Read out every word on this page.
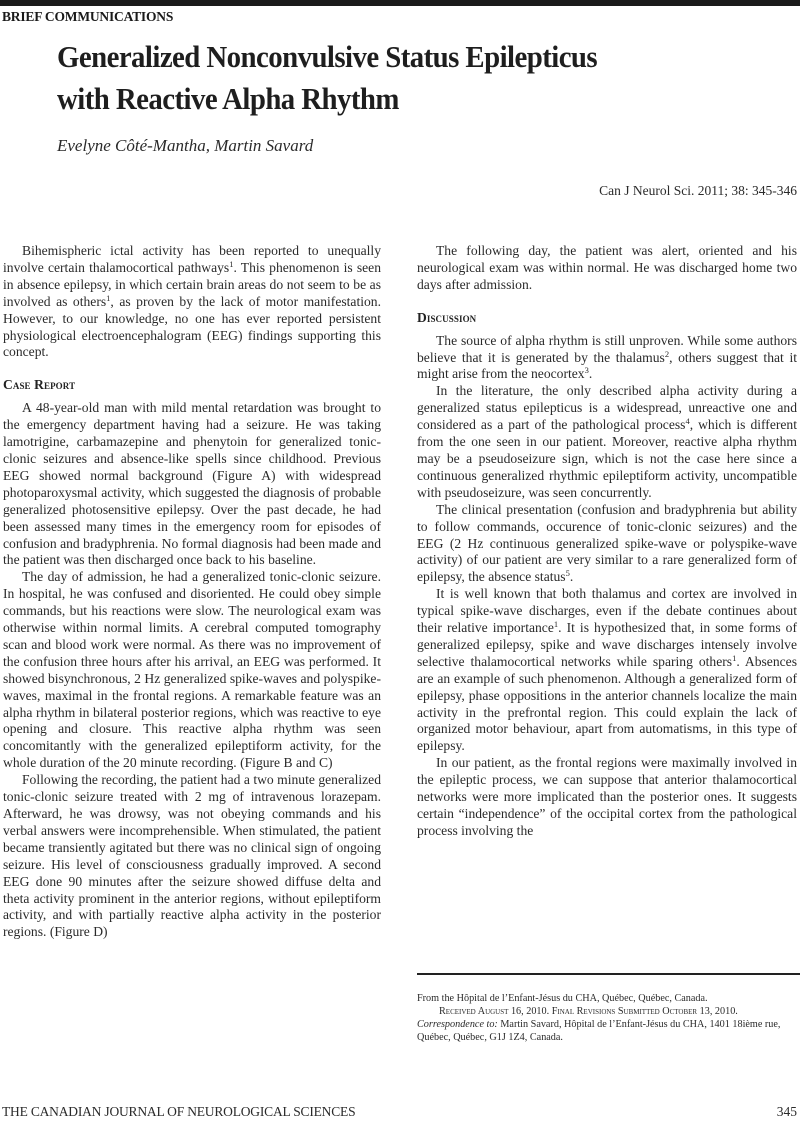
BRIEF COMMUNICATIONS
Generalized Nonconvulsive Status Epilepticus
with Reactive Alpha Rhythm
Evelyne Côté-Mantha, Martin Savard
Can J Neurol Sci. 2011; 38: 345-346

Bihemispheric ictal activity has been reported to unequally involve certain thalamocortical pathways$^1$. This phenomenon is seen in absence epilepsy, in which certain brain areas do not seem to be as involved as others$^1$, as proven by the lack of motor manifestation. However, to our knowledge, no one has ever reported persistent physiological electroencephalogram (EEG) findings supporting this concept.

Case Report

A 48-year-old man with mild mental retardation was brought to the emergency department having had a seizure. He was taking lamotrigine, carbamazepine and phenytoin for generalized tonic-clonic seizures and absence-like spells since childhood. Previous EEG showed normal background (Figure A) with widespread photoparoxysmal activity, which suggested the diagnosis of probable generalized photosensitive epilepsy. Over the past decade, he had been assessed many times in the emergency room for episodes of confusion and bradyphrenia. No formal diagnosis had been made and the patient was then discharged once back to his baseline.

The day of admission, he had a generalized tonic-clonic seizure. In hospital, he was confused and disoriented. He could obey simple commands, but his reactions were slow. The neurological exam was otherwise within normal limits. A cerebral computed tomography scan and blood work were normal. As there was no improvement of the confusion three hours after his arrival, an EEG was performed. It showed bisynchronous, 2 Hz generalized spike-waves and polyspike-waves, maximal in the frontal regions. A remarkable feature was an alpha rhythm in bilateral posterior regions, which was reactive to eye opening and closure. This reactive alpha rhythm was seen concomitantly with the generalized epileptiform activity, for the whole duration of the 20 minute recording. (Figure B and C)

Following the recording, the patient had a two minute generalized tonic-clonic seizure treated with 2 mg of intravenous lorazepam. Afterward, he was drowsy, was not obeying commands and his verbal answers were incomprehensible. When stimulated, the patient became transiently agitated but there was no clinical sign of ongoing seizure. His level of consciousness gradually improved. A second EEG done 90 minutes after the seizure showed diffuse delta and theta activity prominent in the anterior regions, without epileptiform activity, and with partially reactive alpha activity in the posterior regions. (Figure D)

The following day, the patient was alert, oriented and his neurological exam was within normal. He was discharged home two days after admission.

Discussion

The source of alpha rhythm is still unproven. While some authors believe that it is generated by the thalamus$^2$, others suggest that it might arise from the neocortex$^3$.

In the literature, the only described alpha activity during a generalized status epilepticus is a widespread, unreactive one and considered as a part of the pathological process$^4$, which is different from the one seen in our patient. Moreover, reactive alpha rhythm may be a pseudoseizure sign, which is not the case here since a continuous generalized rhythmic epileptiform activity, uncompatible with pseudoseizure, was seen concurrently.

The clinical presentation (confusion and bradyphrenia but ability to follow commands, occurence of tonic-clonic seizures) and the EEG (2 Hz continuous generalized spike-wave or polyspike-wave activity) of our patient are very similar to a rare generalized form of epilepsy, the absence status$^5$.

It is well known that both thalamus and cortex are involved in typical spike-wave discharges, even if the debate continues about their relative importance$^1$. It is hypothesized that, in some forms of generalized epilepsy, spike and wave discharges intensely involve selective thalamocortical networks while sparing others$^1$. Absences are an example of such phenomenon. Although a generalized form of epilepsy, phase oppositions in the anterior channels localize the main activity in the prefrontal region. This could explain the lack of organized motor behaviour, apart from automatisms, in this type of epilepsy.

In our patient, as the frontal regions were maximally involved in the epileptic process, we can suppose that anterior thalamocortical networks were more implicated than the posterior ones. It suggests certain “independence” of the occipital cortex from the pathological process involving the

From the Hôpital de l’Enfant-Jésus du CHA, Québec, Québec, Canada.
Received August 16, 2010. Final Revisions Submitted October 13, 2010.
Correspondence to: Martin Savard, Hôpital de l’Enfant-Jésus du CHA, 1401 18ième rue, Québec, Québec, G1J 1Z4, Canada.
THE CANADIAN JOURNAL OF NEUROLOGICAL SCIENCES	345
